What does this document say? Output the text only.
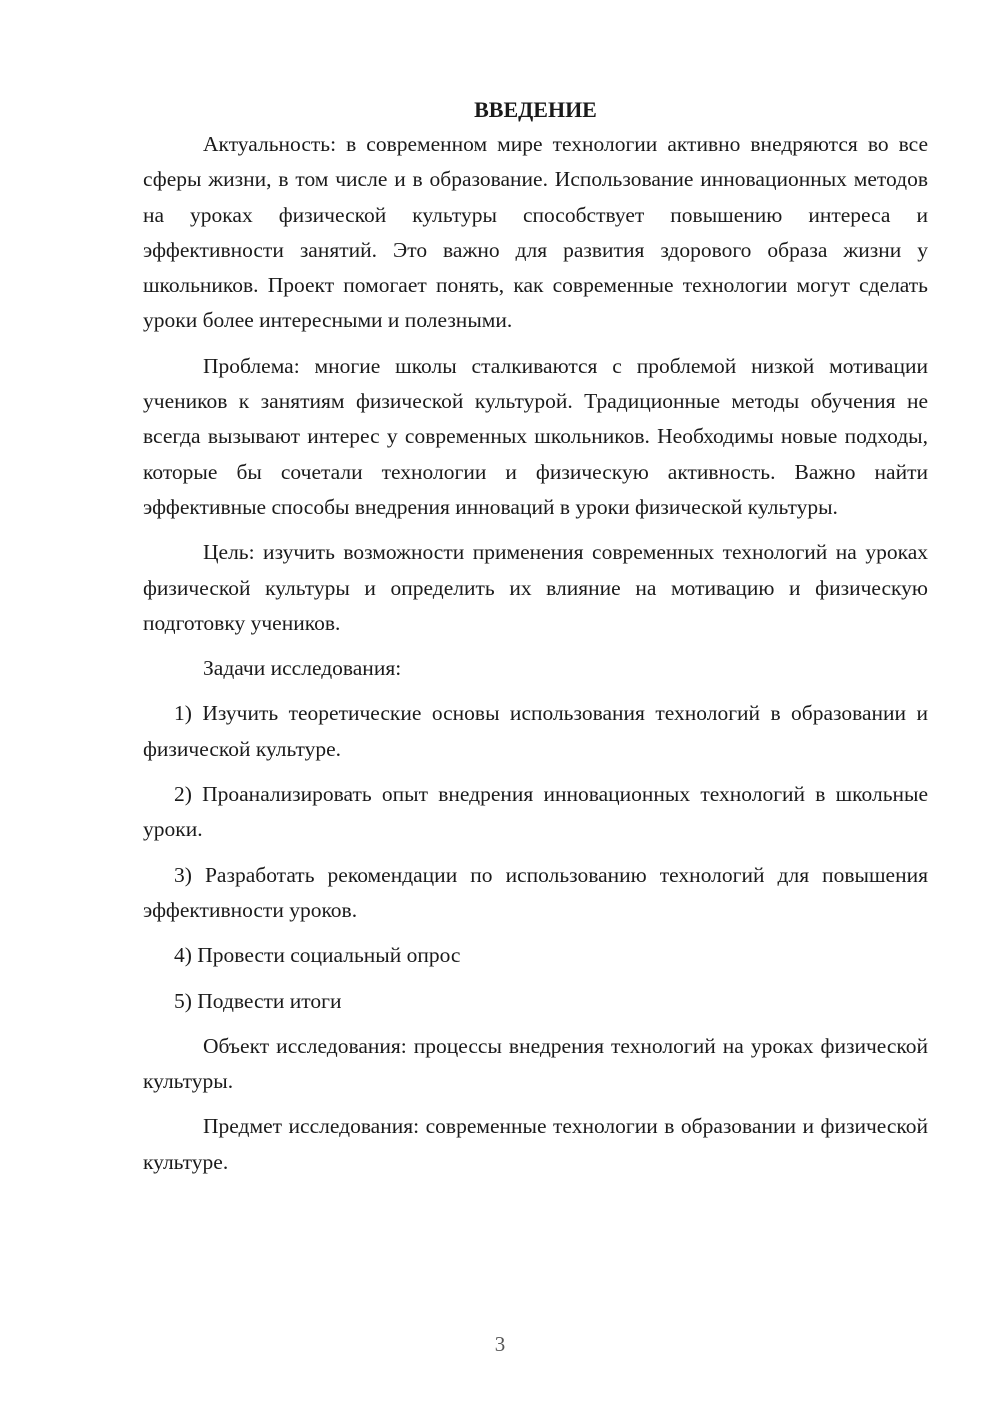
ВВЕДЕНИЕ

Актуальность: в современном мире технологии активно внедряются во все сферы жизни, в том числе и в образование. Использование инновационных методов на уроках физической культуры способствует повышению интереса и эффективности занятий. Это важно для развития здорового образа жизни у школьников. Проект помогает понять, как современные технологии могут сделать уроки более интересными и полезными.

Проблема: многие школы сталкиваются с проблемой низкой мотивации учеников к занятиям физической культурой. Традиционные методы обучения не всегда вызывают интерес у современных школьников. Необходимы новые подходы, которые бы сочетали технологии и физическую активность. Важно найти эффективные способы внедрения инноваций в уроки физической культуры.

Цель: изучить возможности применения современных технологий на уроках физической культуры и определить их влияние на мотивацию и физическую подготовку учеников.

Задачи исследования:

1) Изучить теоретические основы использования технологий в образовании и физической культуре.

2) Проанализировать опыт внедрения инновационных технологий в школьные уроки.

3) Разработать рекомендации по использованию технологий для повышения эффективности уроков.

4) Провести социальный опрос

5) Подвести итоги

Объект исследования: процессы внедрения технологий на уроках физической культуры.

Предмет исследования: современные технологии в образовании и физической культуре.

3
